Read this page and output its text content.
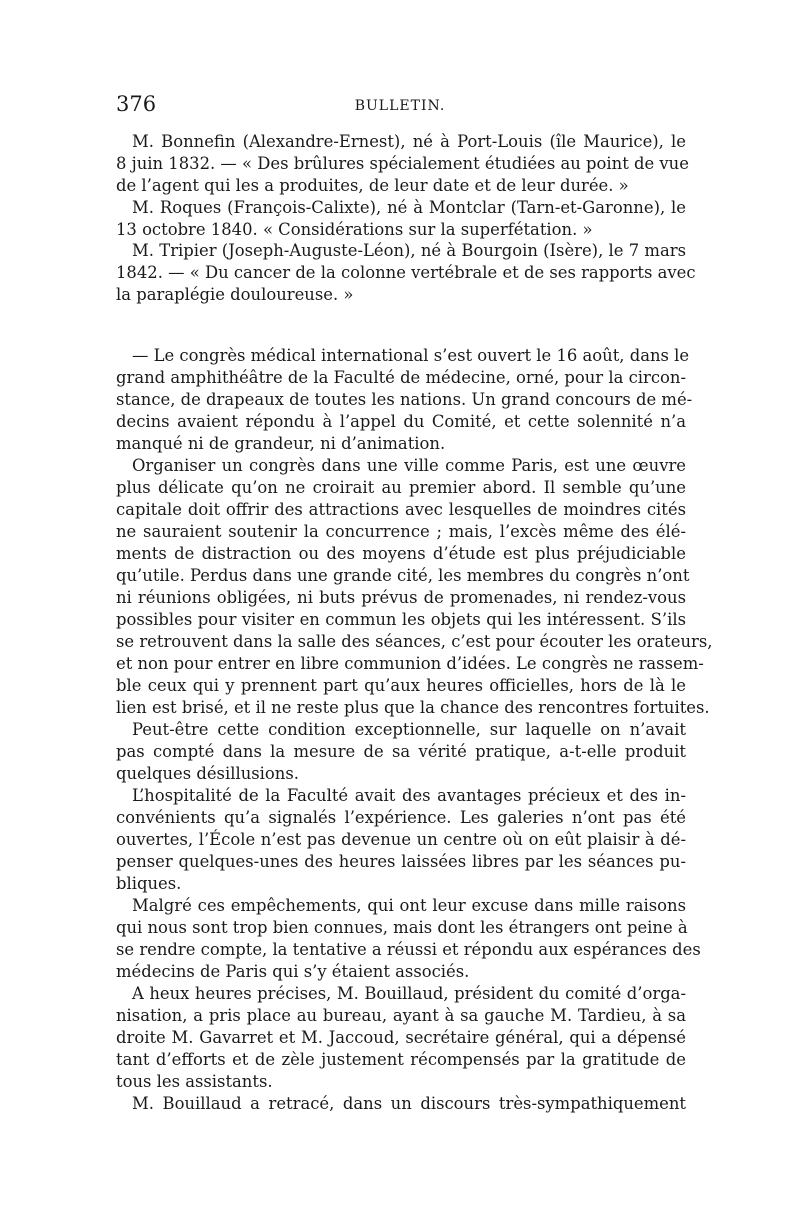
376	BULLETIN.
M. Bonnefin (Alexandre-Ernest), né à Port-Louis (île Maurice), le
8 juin 1832. — « Des brûlures spécialement étudiées au point de vue
de l’agent qui les a produites, de leur date et de leur durée. »
M. Roques (François-Calixte), né à Montclar (Tarn-et-Garonne), le
13 octobre 1840. « Considérations sur la superfétation. »
M. Tripier (Joseph-Auguste-Léon), né à Bourgoin (Isère), le 7 mars
1842. — « Du cancer de la colonne vertébrale et de ses rapports avec
la paraplégie douloureuse. »
— Le congrès médical international s’est ouvert le 16 août, dans le
grand amphithéâtre de la Faculté de médecine, orné, pour la circon-
stance, de drapeaux de toutes les nations. Un grand concours de mé-
decins avaient répondu à l’appel du Comité, et cette solennité n’a
manqué ni de grandeur, ni d’animation.
Organiser un congrès dans une ville comme Paris, est une œuvre
plus délicate qu’on ne croirait au premier abord. Il semble qu’une
capitale doit offrir des attractions avec lesquelles de moindres cités
ne sauraient soutenir la concurrence ; mais, l’excès même des élé-
ments de distraction ou des moyens d’étude est plus préjudiciable
qu’utile. Perdus dans une grande cité, les membres du congrès n’ont
ni réunions obligées, ni buts prévus de promenades, ni rendez-vous
possibles pour visiter en commun les objets qui les intéressent. S’ils
se retrouvent dans la salle des séances, c’est pour écouter les orateurs,
et non pour entrer en libre communion d’idées. Le congrès ne rassem-
ble ceux qui y prennent part qu’aux heures officielles, hors de là le
lien est brisé, et il ne reste plus que la chance des rencontres fortuites.
Peut-être cette condition exceptionnelle, sur laquelle on n’avait
pas compté dans la mesure de sa vérité pratique, a-t-elle produit
quelques désillusions.
L’hospitalité de la Faculté avait des avantages précieux et des in-
convénients qu’a signalés l’expérience. Les galeries n’ont pas été
ouvertes, l’École n’est pas devenue un centre où on eût plaisir à dé-
penser quelques-unes des heures laissées libres par les séances pu-
bliques.
Malgré ces empêchements, qui ont leur excuse dans mille raisons
qui nous sont trop bien connues, mais dont les étrangers ont peine à
se rendre compte, la tentative a réussi et répondu aux espérances des
médecins de Paris qui s’y étaient associés.
A heux heures précises, M. Bouillaud, président du comité d’orga-
nisation, a pris place au bureau, ayant à sa gauche M. Tardieu, à sa
droite M. Gavarret et M. Jaccoud, secrétaire général, qui a dépensé
tant d’efforts et de zèle justement récompensés par la gratitude de
tous les assistants.
M. Bouillaud a retracé, dans un discours très-sympathiquement
